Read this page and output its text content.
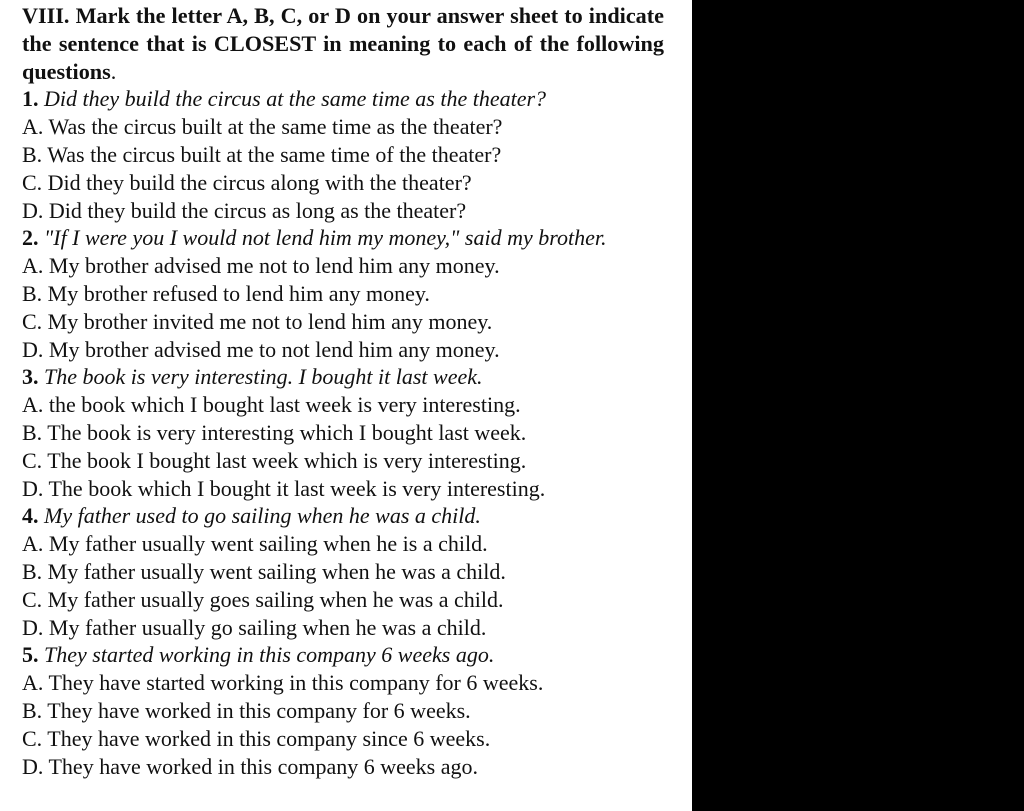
VIII. Mark the letter A, B, C, or D on your answer sheet to indicate the sentence that is CLOSEST in meaning to each of the following questions.
1. Did they build the circus at the same time as the theater?
A. Was the circus built at the same time as the theater?
B. Was the circus built at the same time of the theater?
C. Did they build the circus along with the theater?
D. Did they build the circus as long as the theater?
2. "If I were you I would not lend him my money," said my brother.
A. My brother advised me not to lend him any money.
B. My brother refused to lend him any money.
C. My brother invited me not to lend him any money.
D. My brother advised me to not lend him any money.
3. The book is very interesting. I bought it last week.
A. the book which I bought last week is very interesting.
B. The book is very interesting which I bought last week.
C. The book I bought last week which is very interesting.
D. The book which I bought it last week is very interesting.
4. My father used to go sailing when he was a child.
A. My father usually went sailing when he is a child.
B. My father usually went sailing when he was a child.
C. My father usually goes sailing when he was a child.
D. My father usually go sailing when he was a child.
5. They started working in this company 6 weeks ago.
A. They have started working in this company for 6 weeks.
B. They have worked in this company for 6 weeks.
C. They have worked in this company since 6 weeks.
D. They have worked in this company 6 weeks ago.
